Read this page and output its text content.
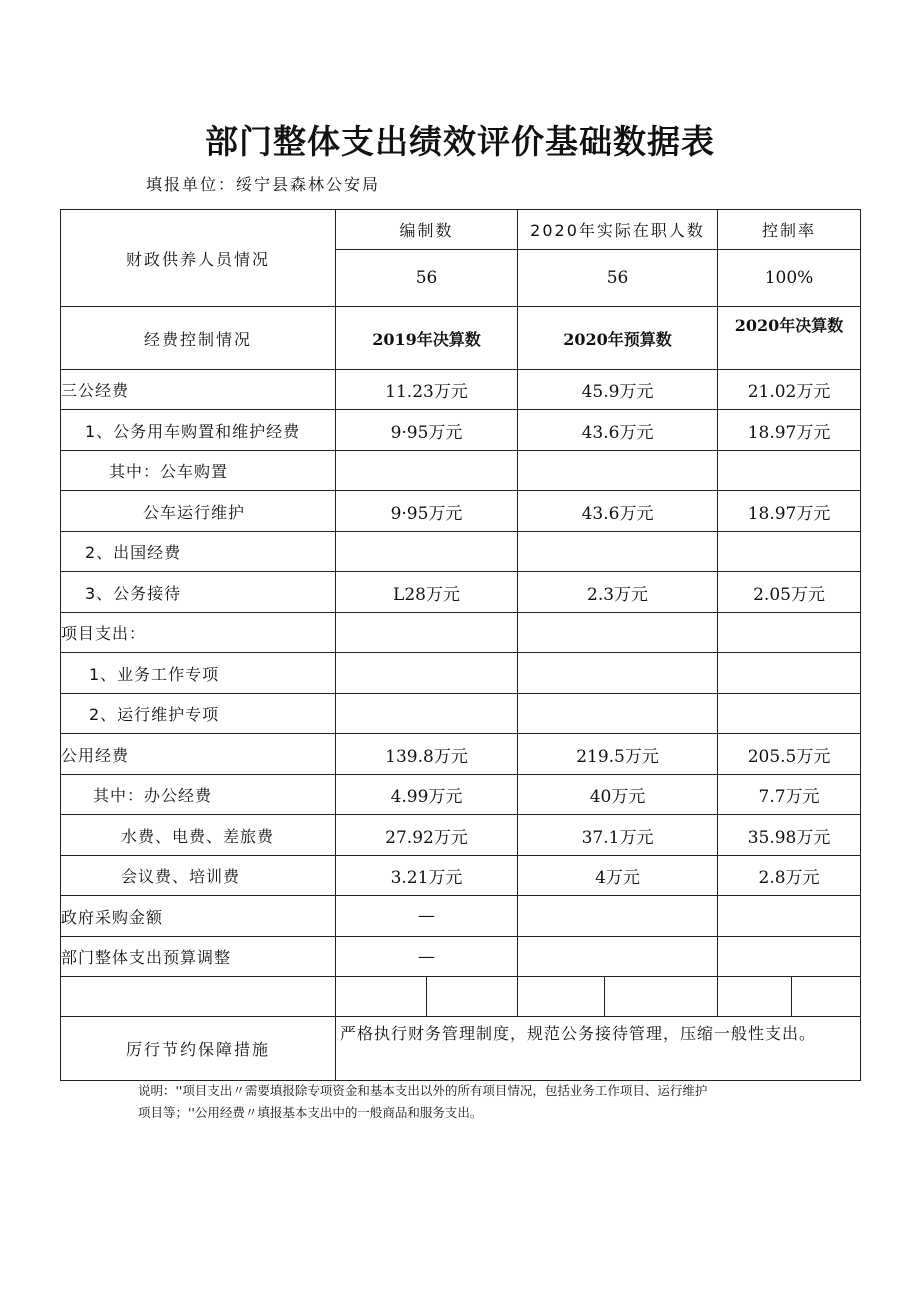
部门整体支出绩效评价基础数据表
填报单位：绥宁县森林公安局
财政供养人员情况	编制数		2020年实际在职人数		控制率	
	56		56		100%	
经费控制情况	2019年决算数		2020年预算数		2020年决算数	
三公经费	11.23万元		45.9万元		21.02万元	
1、公务用车购置和维护经费	9·95万元		43.6万元		18.97万元	
其中：公车购置						
公车运行维护	9·95万元		43.6万元		18.97万元	
2、出国经费						
3、公务接待	L28万元		2.3万元		2.05万元	
项目支出：						
1、业务工作专项						
2、运行维护专项						
公用经费	139.8万元		219.5万元		205.5万元	
其中：办公经费	4.99万元		40万元		7.7万元	
水费、电费、差旅费	27.92万元		37.1万元		35.98万元	
会议费、培训费	3.21万元		4万元		2.8万元	
政府采购金额	—					
部门整体支出预算调整	—					

厉行节约保障措施	严格执行财务管理制度，规范公务接待管理，压缩一般性支出。					
说明：''项目支出〃需要填报除专项资金和基本支出以外的所有项目情况，包括业务工作项目、运行维护
项目等；''公用经费〃填报基本支出中的一般商品和服务支出。
